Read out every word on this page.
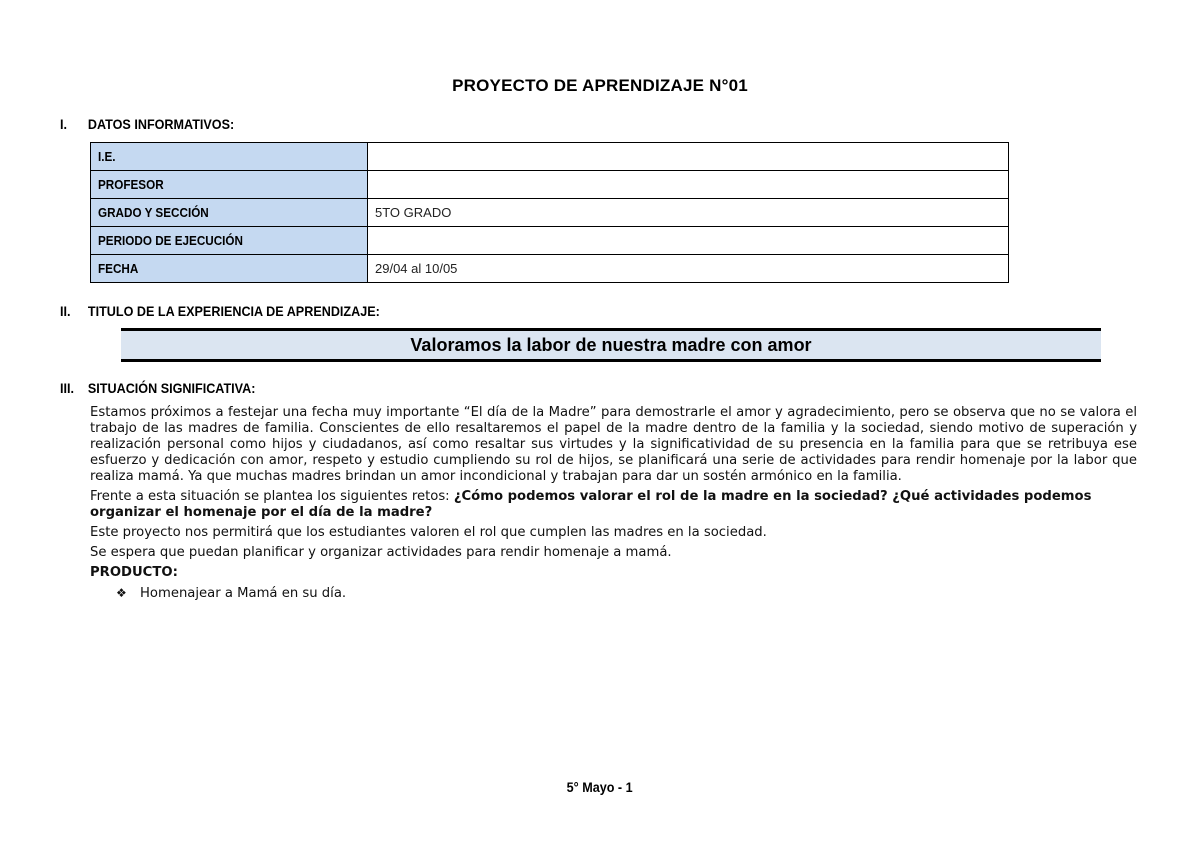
PROYECTO DE APRENDIZAJE N°01
I. DATOS INFORMATIVOS:
I.E.	
PROFESOR	
GRADO Y SECCIÓN	5TO GRADO
PERIODO DE EJECUCIÓN	
FECHA	29/04 al 10/05
II. TITULO DE LA EXPERIENCIA DE APRENDIZAJE:
Valoramos la labor de nuestra madre con amor
III. SITUACIÓN SIGNIFICATIVA:

Estamos próximos a festejar una fecha muy importante “El día de la Madre” para demostrarle el amor y agradecimiento, pero se observa que no se valora el trabajo de las madres de familia. Conscientes de ello resaltaremos el papel de la madre dentro de la familia y la sociedad, siendo motivo de superación y realización personal como hijos y ciudadanos, así como resaltar sus virtudes y la significatividad de su presencia en la familia para que se retribuya ese esfuerzo y dedicación con amor, respeto y estudio cumpliendo su rol de hijos, se planificará una serie de actividades para rendir homenaje por la labor que realiza mamá. Ya que muchas madres brindan un amor incondicional y trabajan para dar un sostén armónico en la familia.

Frente a esta situación se plantea los siguientes retos: ¿Cómo podemos valorar el rol de la madre en la sociedad? ¿Qué actividades podemos organizar el homenaje por el día de la madre?

Este proyecto nos permitirá que los estudiantes valoren el rol que cumplen las madres en la sociedad.

Se espera que puedan planificar y organizar actividades para rendir homenaje a mamá.

PRODUCTO:

❖ Homenajear a Mamá en su día.
5° Mayo - 1
